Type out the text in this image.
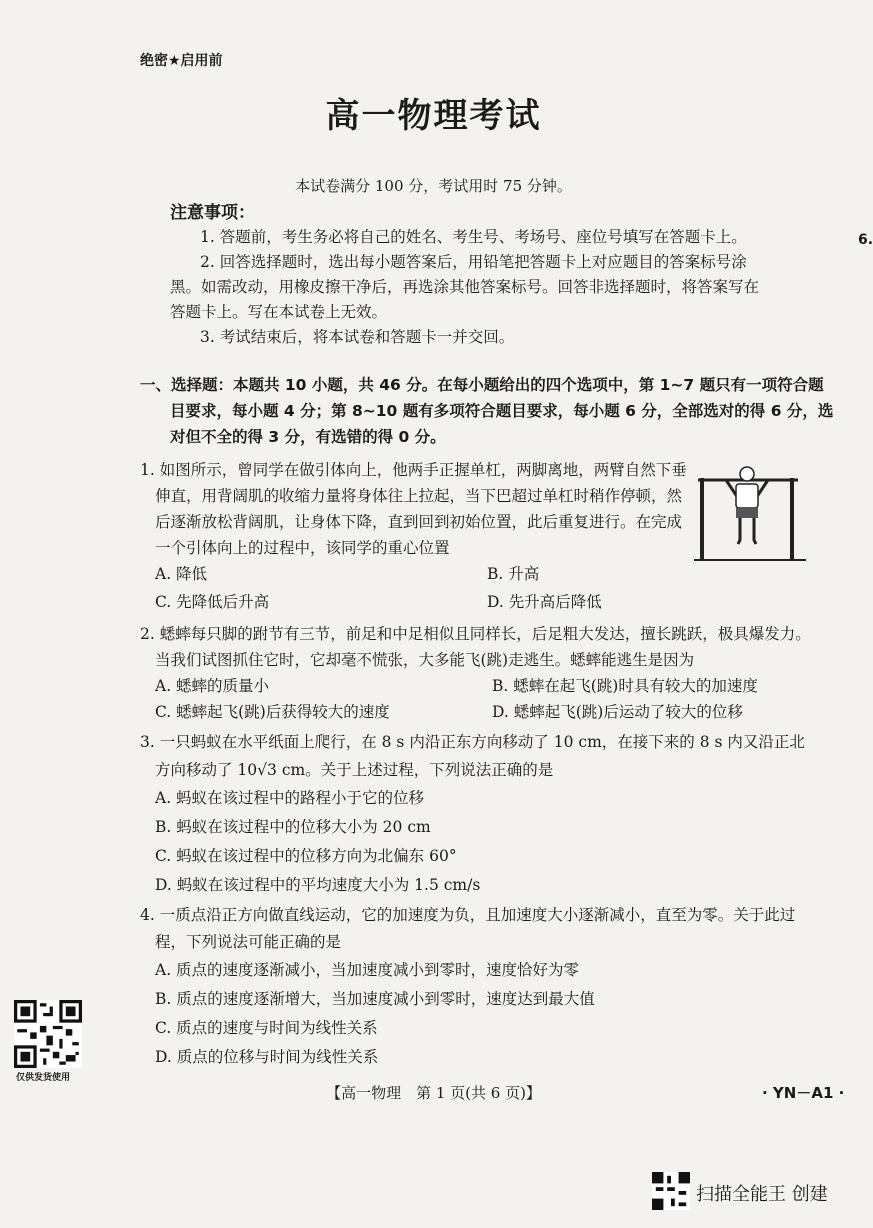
绝密★启用前
高一物理考试
本试卷满分 100 分，考试用时 75 分钟。
6.
注意事项：
1. 答题前，考生务必将自己的姓名、考生号、考场号、座位号填写在答题卡上。
2. 回答选择题时，选出每小题答案后，用铅笔把答题卡上对应题目的答案标号涂
黑。如需改动，用橡皮擦干净后，再选涂其他答案标号。回答非选择题时，将答案写在
答题卡上。写在本试卷上无效。
3. 考试结束后，将本试卷和答题卡一并交回。
一、选择题：本题共 10 小题，共 46 分。在每小题给出的四个选项中，第 1~7 题只有一项符合题
目要求，每小题 4 分；第 8~10 题有多项符合题目要求，每小题 6 分，全部选对的得 6 分，选
对但不全的得 3 分，有选错的得 0 分。
1. 如图所示，曾同学在做引体向上，他两手正握单杠，两脚离地，两臂自然下垂
伸直，用背阔肌的收缩力量将身体往上拉起，当下巴超过单杠时稍作停顿，然
后逐渐放松背阔肌，让身体下降，直到回到初始位置，此后重复进行。在完成
一个引体向上的过程中，该同学的重心位置
A. 降低	B. 升高
C. 先降低后升高	D. 先升高后降低
2. 蟋蟀每只脚的跗节有三节，前足和中足相似且同样长，后足粗大发达，擅长跳跃，极具爆发力。
当我们试图抓住它时，它却毫不慌张，大多能飞(跳)走逃生。蟋蟀能逃生是因为
A. 蟋蟀的质量小	B. 蟋蟀在起飞(跳)时具有较大的加速度
C. 蟋蟀起飞(跳)后获得较大的速度	D. 蟋蟀起飞(跳)后运动了较大的位移
3. 一只蚂蚁在水平纸面上爬行，在 8 s 内沿正东方向移动了 10 cm，在接下来的 8 s 内又沿正北
方向移动了 10√3 cm。关于上述过程，下列说法正确的是
A. 蚂蚁在该过程中的路程小于它的位移
B. 蚂蚁在该过程中的位移大小为 20 cm
C. 蚂蚁在该过程中的位移方向为北偏东 60°
D. 蚂蚁在该过程中的平均速度大小为 1.5 cm/s
4. 一质点沿正方向做直线运动，它的加速度为负，且加速度大小逐渐减小，直至为零。关于此过
程，下列说法可能正确的是
A. 质点的速度逐渐减小，当加速度减小到零时，速度恰好为零
B. 质点的速度逐渐增大，当加速度减小到零时，速度达到最大值
C. 质点的速度与时间为线性关系
D. 质点的位移与时间为线性关系
仅供发货使用
【高一物理　第 1 页(共 6 页)】	· YN－A1 ·
扫描全能王 创建
